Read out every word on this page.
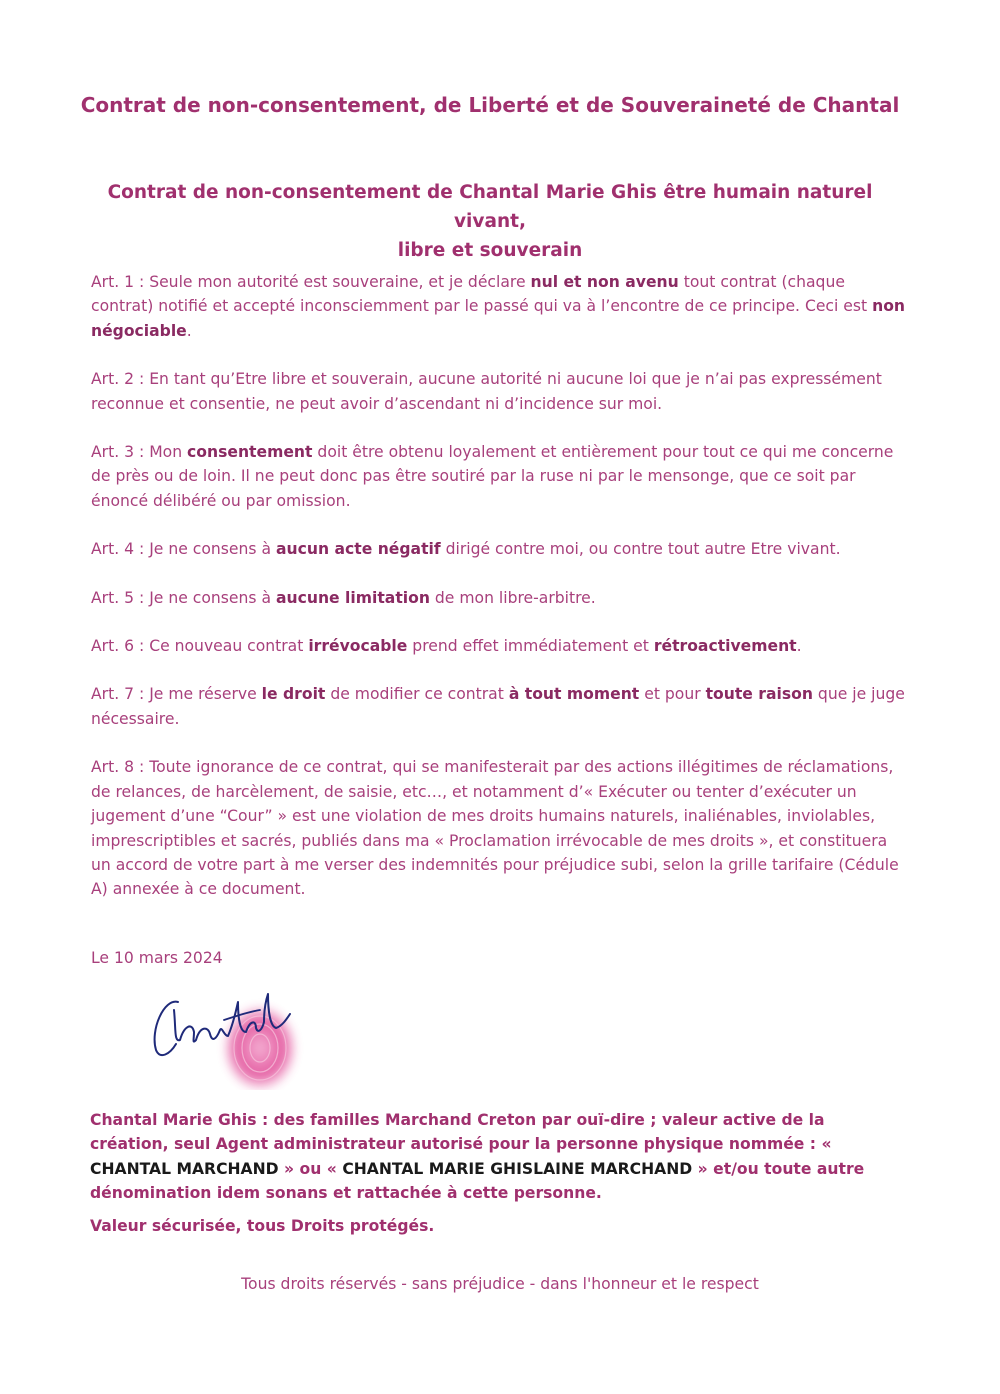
Contrat de non-consentement, de Liberté et de Souveraineté de Chantal
Contrat de non-consentement de Chantal Marie Ghis être humain naturel vivant,
libre et souverain

Art. 1 : Seule mon autorité est souveraine, et je déclare nul et non avenu tout contrat (chaque contrat) notifié et accepté inconsciemment par le passé qui va à l’encontre de ce principe. Ceci est non négociable.

Art. 2 : En tant qu’Etre libre et souverain, aucune autorité ni aucune loi que je n’ai pas expressément reconnue et consentie, ne peut avoir d’ascendant ni d’incidence sur moi.

Art. 3 : Mon consentement doit être obtenu loyalement et entièrement pour tout ce qui me concerne de près ou de loin. Il ne peut donc pas être soutiré par la ruse ni par le mensonge, que ce soit par énoncé délibéré ou par omission.

Art. 4 : Je ne consens à aucun acte négatif dirigé contre moi, ou contre tout autre Etre vivant.

Art. 5 : Je ne consens à aucune limitation de mon libre-arbitre.

Art. 6 : Ce nouveau contrat irrévocable prend effet immédiatement et rétroactivement.

Art. 7 : Je me réserve le droit de modifier ce contrat à tout moment et pour toute raison que je juge nécessaire.

Art. 8 : Toute ignorance de ce contrat, qui se manifesterait par des actions illégitimes de réclamations, de relances, de harcèlement, de saisie, etc…, et notamment d’« Exécuter ou tenter d’exécuter un jugement d’une “Cour” » est une violation de mes droits humains naturels, inaliénables, inviolables, imprescriptibles et sacrés, publiés dans ma « Proclamation irrévocable de mes droits », et constituera un accord de votre part à me verser des indemnités pour préjudice subi, selon la grille tarifaire (Cédule A) annexée à ce document.

Le 10 mars 2024
Chantal Marie Ghis : des familles Marchand Creton par ouï-dire ; valeur active de la création, seul Agent administrateur autorisé pour la personne physique nommée : « CHANTAL MARCHAND » ou « CHANTAL MARIE GHISLAINE MARCHAND » et/ou toute autre dénomination idem sonans et rattachée à cette personne.
Valeur sécurisée, tous Droits protégés.
Tous droits réservés - sans préjudice - dans l'honneur et le respect
